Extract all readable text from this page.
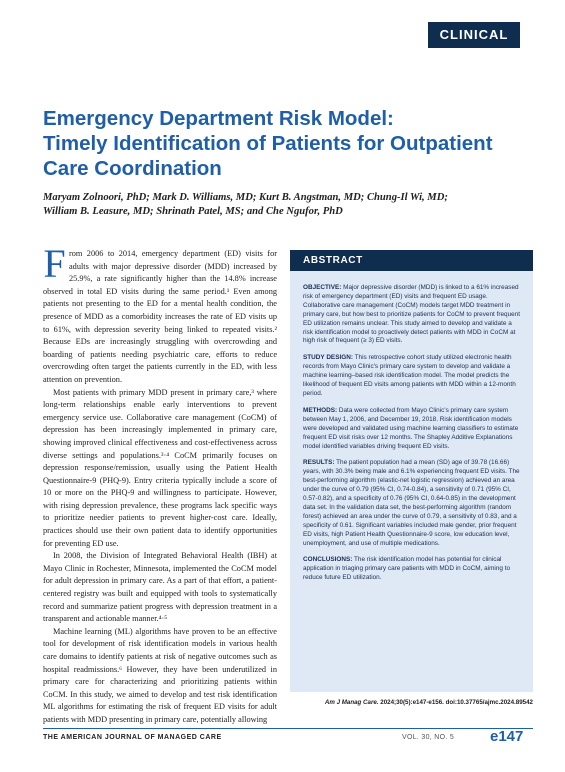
CLINICAL
Emergency Department Risk Model:
Timely Identification of Patients for Outpatient
Care Coordination
Maryam Zolnoori, PhD; Mark D. Williams, MD; Kurt B. Angstman, MD; Chung-Il Wi, MD;
William B. Leasure, MD; Shrinath Patel, MS; and Che Ngufor, PhD

From 2006 to 2014, emergency department (ED) visits for adults with major depressive disorder (MDD) increased by 25.9%, a rate significantly higher than the 14.8% increase observed in total ED visits during the same period.¹ Even among patients not presenting to the ED for a mental health condition, the presence of MDD as a comorbidity increases the rate of ED visits up to 61%, with depression severity being linked to repeated visits.² Because EDs are increasingly struggling with overcrowding and boarding of patients needing psychiatric care, efforts to reduce overcrowding often target the patients currently in the ED, with less attention on prevention.

Most patients with primary MDD present in primary care,³ where long-term relationships enable early interventions to prevent emergency service use. Collaborative care management (CoCM) of depression has been increasingly implemented in primary care, showing improved clinical effectiveness and cost-effectiveness across diverse settings and populations.³·⁴ CoCM primarily focuses on depression response/remission, usually using the Patient Health Questionnaire-9 (PHQ-9). Entry criteria typically include a score of 10 or more on the PHQ-9 and willingness to participate. However, with rising depression prevalence, these programs lack specific ways to prioritize needier patients to prevent higher-cost care. Ideally, practices should use their own patient data to identify opportunities for preventing ED use.

In 2008, the Division of Integrated Behavioral Health (IBH) at Mayo Clinic in Rochester, Minnesota, implemented the CoCM model for adult depression in primary care. As a part of that effort, a patient-centered registry was built and equipped with tools to systematically record and summarize patient progress with depression treatment in a transparent and actionable manner.⁴·⁵

Machine learning (ML) algorithms have proven to be an effective tool for development of risk identification models in various health care domains to identify patients at risk of negative outcomes such as hospital readmissions.⁶ However, they have been underutilized in primary care for characterizing and prioritizing patients within CoCM. In this study, we aimed to develop and test risk identification ML algorithms for estimating the risk of frequent ED visits for adult patients with MDD presenting in primary care, potentially allowing

ABSTRACT

OBJECTIVE: Major depressive disorder (MDD) is linked to a 61% increased risk of emergency department (ED) visits and frequent ED usage. Collaborative care management (CoCM) models target MDD treatment in primary care, but how best to prioritize patients for CoCM to prevent frequent ED utilization remains unclear. This study aimed to develop and validate a risk identification model to proactively detect patients with MDD in CoCM at high risk of frequent (≥ 3) ED visits.

STUDY DESIGN: This retrospective cohort study utilized electronic health records from Mayo Clinic's primary care system to develop and validate a machine learning–based risk identification model. The model predicts the likelihood of frequent ED visits among patients with MDD within a 12-month period.

METHODS: Data were collected from Mayo Clinic's primary care system between May 1, 2006, and December 19, 2018. Risk identification models were developed and validated using machine learning classifiers to estimate frequent ED visit risks over 12 months. The Shapley Additive Explanations model identified variables driving frequent ED visits.

RESULTS: The patient population had a mean (SD) age of 39.78 (16.66) years, with 30.3% being male and 6.1% experiencing frequent ED visits. The best-performing algorithm (elastic-net logistic regression) achieved an area under the curve of 0.79 (95% CI, 0.74-0.84), a sensitivity of 0.71 (95% CI, 0.57-0.82), and a specificity of 0.76 (95% CI, 0.64-0.85) in the development data set. In the validation data set, the best-performing algorithm (random forest) achieved an area under the curve of 0.79, a sensitivity of 0.83, and a specificity of 0.61. Significant variables included male gender, prior frequent ED visits, high Patient Health Questionnaire-9 score, low education level, unemployment, and use of multiple medications.

CONCLUSIONS: The risk identification model has potential for clinical application in triaging primary care patients with MDD in CoCM, aiming to reduce future ED utilization.

Am J Manag Care. 2024;30(5):e147-e156. doi:10.37765/ajmc.2024.89542
THE AMERICAN JOURNAL OF MANAGED CARE	VOL. 30, NO. 5 e147
